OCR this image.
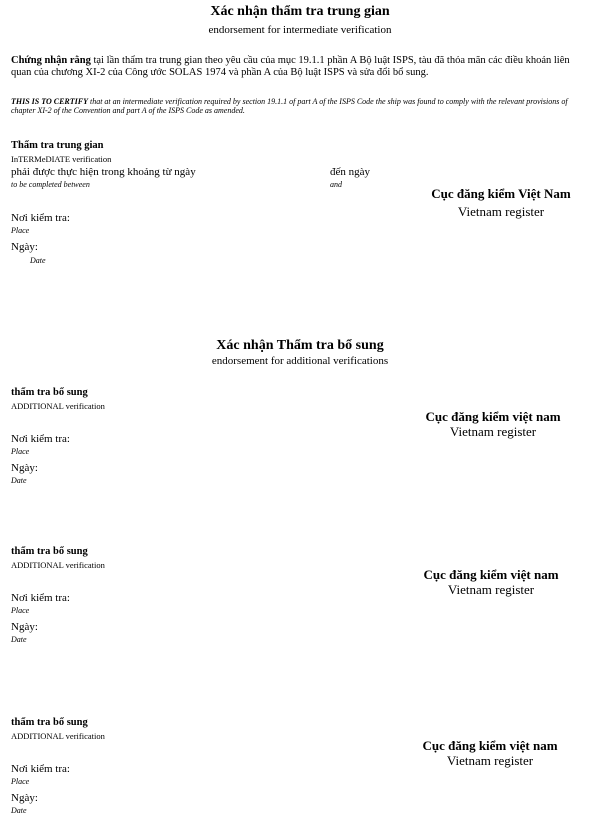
Xác nhận thẩm tra trung gian
endorsement for intermediate verification
Chứng nhận rằng tại lần thẩm tra trung gian theo yêu cầu của mục 19.1.1 phần A Bộ luật ISPS, tàu đã thỏa mãn các điều khoản liên quan của chương XI-2 của Công ước SOLAS 1974 và phần A của Bộ luật ISPS và sửa đổi bổ sung.
THIS IS TO CERTIFY that at an intermediate verification required by section 19.1.1 of part A of the ISPS Code the ship was found to comply with the relevant provisions of chapter XI-2 of the Convention and part A of the ISPS Code as amended.
Thẩm tra trung gian
InTERMeDIATE verification
phải được thực hiện trong khoảng từ ngày	đến ngày
to be completed between	and
Cục đăng kiểm Việt Nam
Vietnam register
Nơi kiểm tra:
Place
Ngày:
Date
Xác nhận Thẩm tra bổ sung
endorsement for additional verifications
thẩm tra bổ sung
ADDITIONAL verification
Cục đăng kiểm việt nam
Vietnam register
Nơi kiểm tra:
Place
Ngày:
Date
thẩm tra bổ sung
ADDITIONAL verification
Cục đăng kiểm việt nam
Vietnam register
Nơi kiểm tra:
Place
Ngày:
Date
thẩm tra bổ sung
ADDITIONAL verification
Cục đăng kiểm việt nam
Vietnam register
Nơi kiểm tra:
Place
Ngày:
Date
